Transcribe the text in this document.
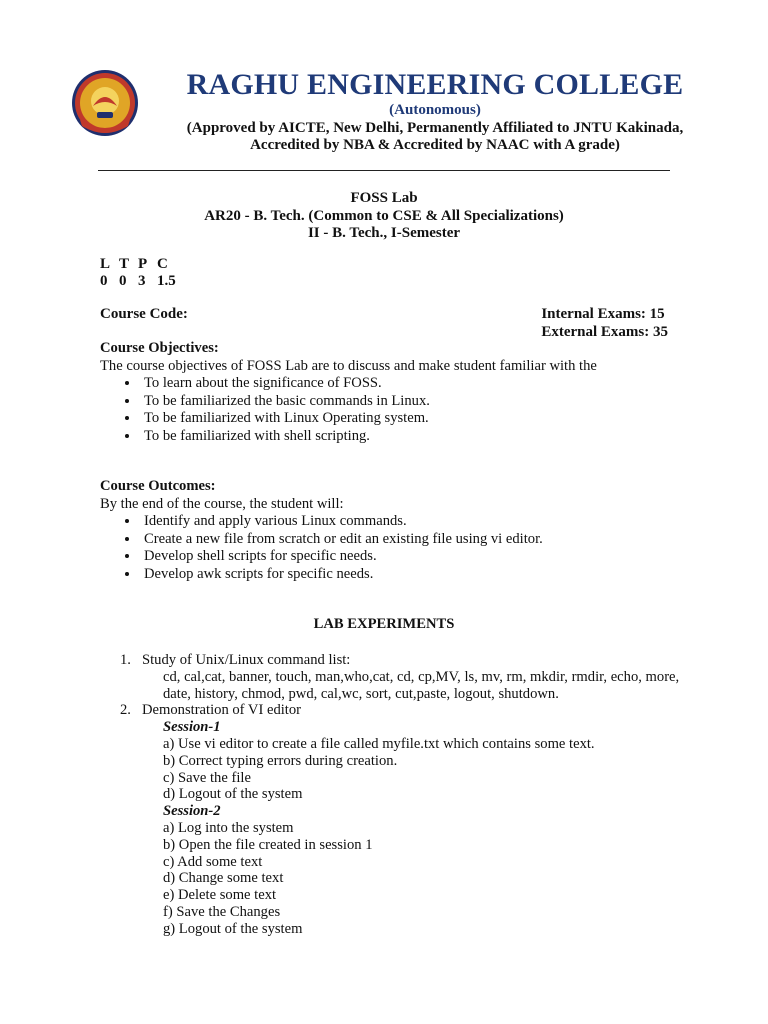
RAGHU ENGINEERING COLLEGE
(Autonomous)
(Approved by AICTE, New Delhi, Permanently Affiliated to JNTU Kakinada,
Accredited by NBA & Accredited by NAAC with A grade)
FOSS Lab
AR20 - B. Tech. (Common to CSE & All Specializations)
II - B. Tech., I-Semester
L T P C
0 0 3 1.5
Course Code:	Internal Exams: 15
External Exams: 35
Course Objectives:
The course objectives of FOSS Lab are to discuss and make student familiar with the
• To learn about the significance of FOSS.
• To be familiarized the basic commands in Linux.
• To be familiarized with Linux Operating system.
• To be familiarized with shell scripting.
Course Outcomes:
By the end of the course, the student will:
• Identify and apply various Linux commands.
• Create a new file from scratch or edit an existing file using vi editor.
• Develop shell scripts for specific needs.
• Develop awk scripts for specific needs.
LAB EXPERIMENTS
1. Study of Unix/Linux command list:
cd, cal,cat, banner, touch, man,who,cat, cd, cp,MV, ls, mv, rm, mkdir, rmdir, echo, more,
date, history, chmod, pwd, cal,wc, sort, cut,paste, logout, shutdown.
2. Demonstration of VI editor
Session-1
a) Use vi editor to create a file called myfile.txt which contains some text.
b) Correct typing errors during creation.
c) Save the file
d) Logout of the system
Session-2
a) Log into the system
b) Open the file created in session 1
c) Add some text
d) Change some text
e) Delete some text
f) Save the Changes
g) Logout of the system
